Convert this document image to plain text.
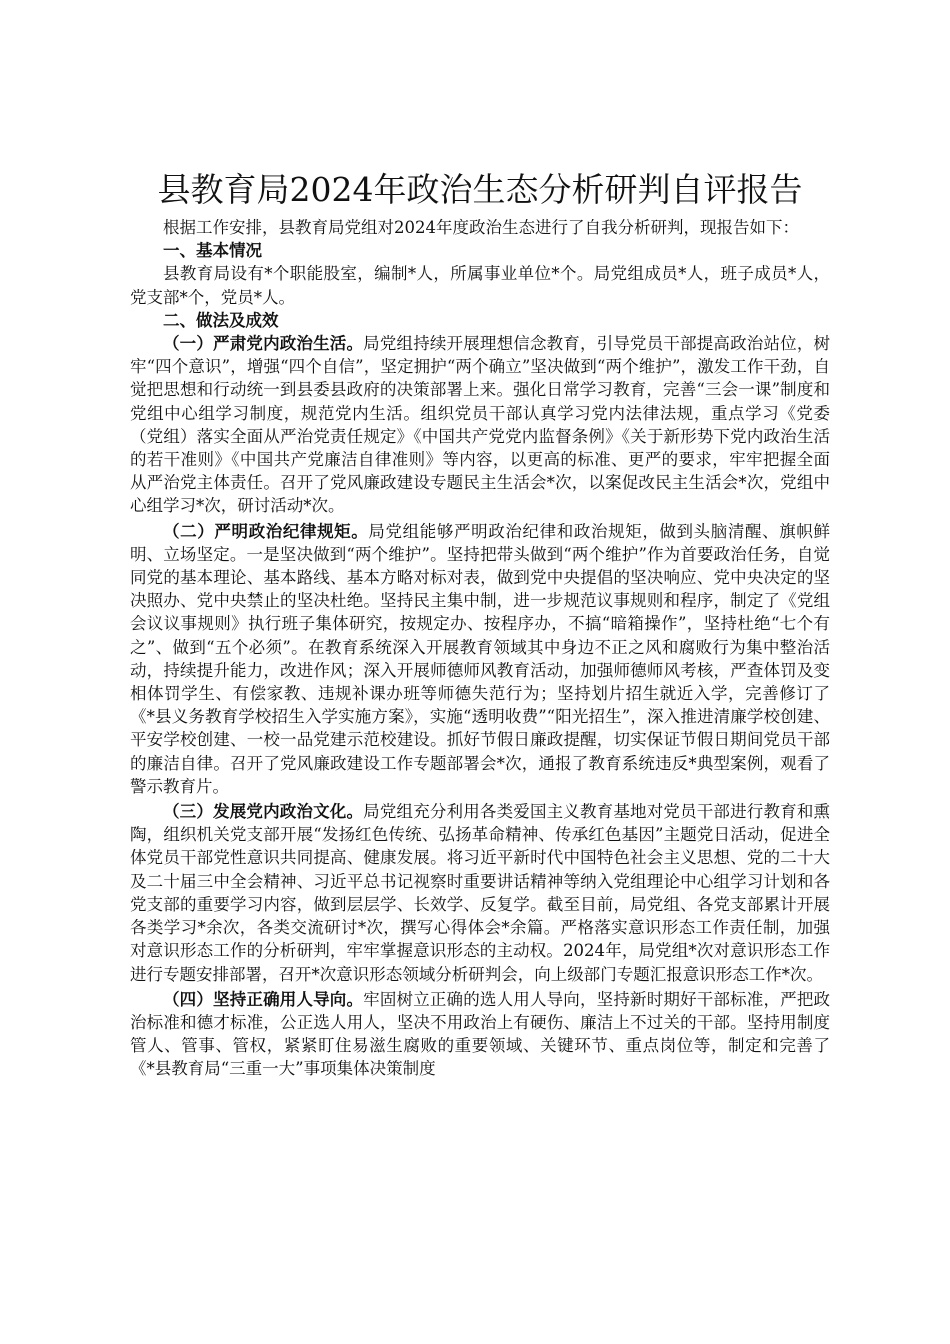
县教育局2024年政治生态分析研判自评报告

根据工作安排，县教育局党组对2024年度政治生态进行了自我分析研判，现报告如下：

一、基本情况

县教育局设有*个职能股室，编制*人，所属事业单位*个。局党组成员*人，班子成员*人，党支部*个，党员*人。

二、做法及成效

（一）严肃党内政治生活。局党组持续开展理想信念教育，引导党员干部提高政治站位，树牢“四个意识”，增强“四个自信”，坚定拥护“两个确立”坚决做到“两个维护”，激发工作干劲，自觉把思想和行动统一到县委县政府的决策部署上来。强化日常学习教育，完善“三会一课”制度和党组中心组学习制度，规范党内生活。组织党员干部认真学习党内法律法规，重点学习《党委（党组）落实全面从严治党责任规定》《中国共产党党内监督条例》《关于新形势下党内政治生活的若干准则》《中国共产党廉洁自律准则》等内容，以更高的标准、更严的要求，牢牢把握全面从严治党主体责任。召开了党风廉政建设专题民主生活会*次，以案促改民主生活会*次，党组中心组学习*次，研讨活动*次。

（二）严明政治纪律规矩。局党组能够严明政治纪律和政治规矩，做到头脑清醒、旗帜鲜明、立场坚定。一是坚决做到“两个维护”。坚持把带头做到“两个维护”作为首要政治任务，自觉同党的基本理论、基本路线、基本方略对标对表，做到党中央提倡的坚决响应、党中央决定的坚决照办、党中央禁止的坚决杜绝。坚持民主集中制，进一步规范议事规则和程序，制定了《党组会议议事规则》执行班子集体研究，按规定办、按程序办，不搞“暗箱操作”，坚持杜绝“七个有之”、做到“五个必须”。在教育系统深入开展教育领域其中身边不正之风和腐败行为集中整治活动，持续提升能力，改进作风；深入开展师德师风教育活动，加强师德师风考核，严查体罚及变相体罚学生、有偿家教、违规补课办班等师德失范行为；坚持划片招生就近入学，完善修订了《*县义务教育学校招生入学实施方案》，实施“透明收费”“阳光招生”，深入推进清廉学校创建、平安学校创建、一校一品党建示范校建设。抓好节假日廉政提醒，切实保证节假日期间党员干部的廉洁自律。召开了党风廉政建设工作专题部署会*次，通报了教育系统违反*典型案例，观看了警示教育片。

（三）发展党内政治文化。局党组充分利用各类爱国主义教育基地对党员干部进行教育和熏陶，组织机关党支部开展“发扬红色传统、弘扬革命精神、传承红色基因”主题党日活动，促进全体党员干部党性意识共同提高、健康发展。将习近平新时代中国特色社会主义思想、党的二十大及二十届三中全会精神、习近平总书记视察时重要讲话精神等纳入党组理论中心组学习计划和各党支部的重要学习内容，做到层层学、长效学、反复学。截至目前，局党组、各党支部累计开展各类学习*余次，各类交流研讨*次，撰写心得体会*余篇。严格落实意识形态工作责任制，加强对意识形态工作的分析研判，牢牢掌握意识形态的主动权。2024年，局党组*次对意识形态工作进行专题安排部署，召开*次意识形态领域分析研判会，向上级部门专题汇报意识形态工作*次。

（四）坚持正确用人导向。牢固树立正确的选人用人导向，坚持新时期好干部标准，严把政治标准和德才标准，公正选人用人，坚决不用政治上有硬伤、廉洁上不过关的干部。坚持用制度管人、管事、管权，紧紧盯住易滋生腐败的重要领域、关键环节、重点岗位等，制定和完善了《*县教育局“三重一大”事项集体决策制度
